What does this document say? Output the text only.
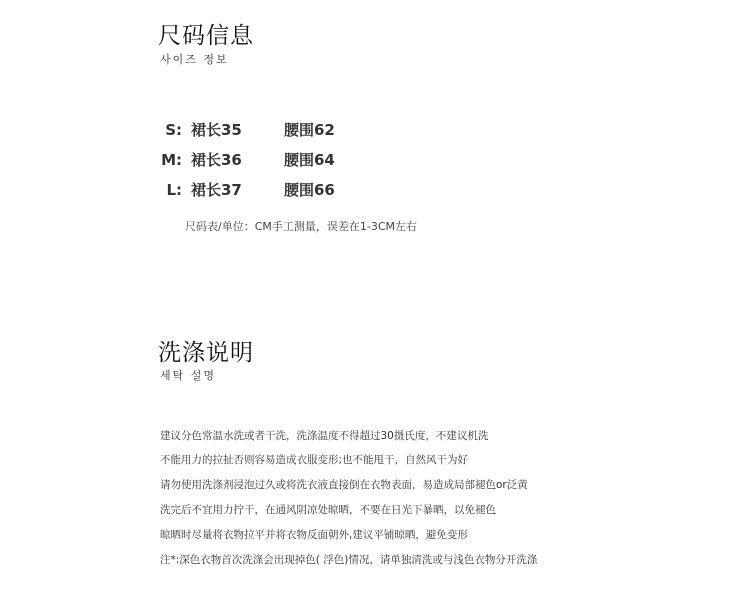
尺码信息
사이즈 정보
S: 裙长35	腰围62
M: 裙长36	腰围64
L: 裙长37	腰围66
尺码表/单位：CM手工测量，误差在1-3CM左右
洗涤说明
세탁 설명
建议分色常温水洗或者干洗，洗涤温度不得超过30摄氏度，不建议机洗
不能用力的拉扯否则容易造成衣服变形;也不能甩干，自然风干为好
请勿使用洗涤剂浸泡过久或将洗衣液直接倒在衣物表面，易造成局部褪色or泛黄
洗完后不宜用力拧干，在通风阴凉处晾晒，不要在日光下暴晒，以免褪色
晾晒时尽量将衣物拉平并将衣物反面朝外,建议平铺晾晒，避免变形
注*:深色衣物首次洗涤会出现掉色( 浮色)情况，请单独清洗或与浅色衣物分开洗涤
